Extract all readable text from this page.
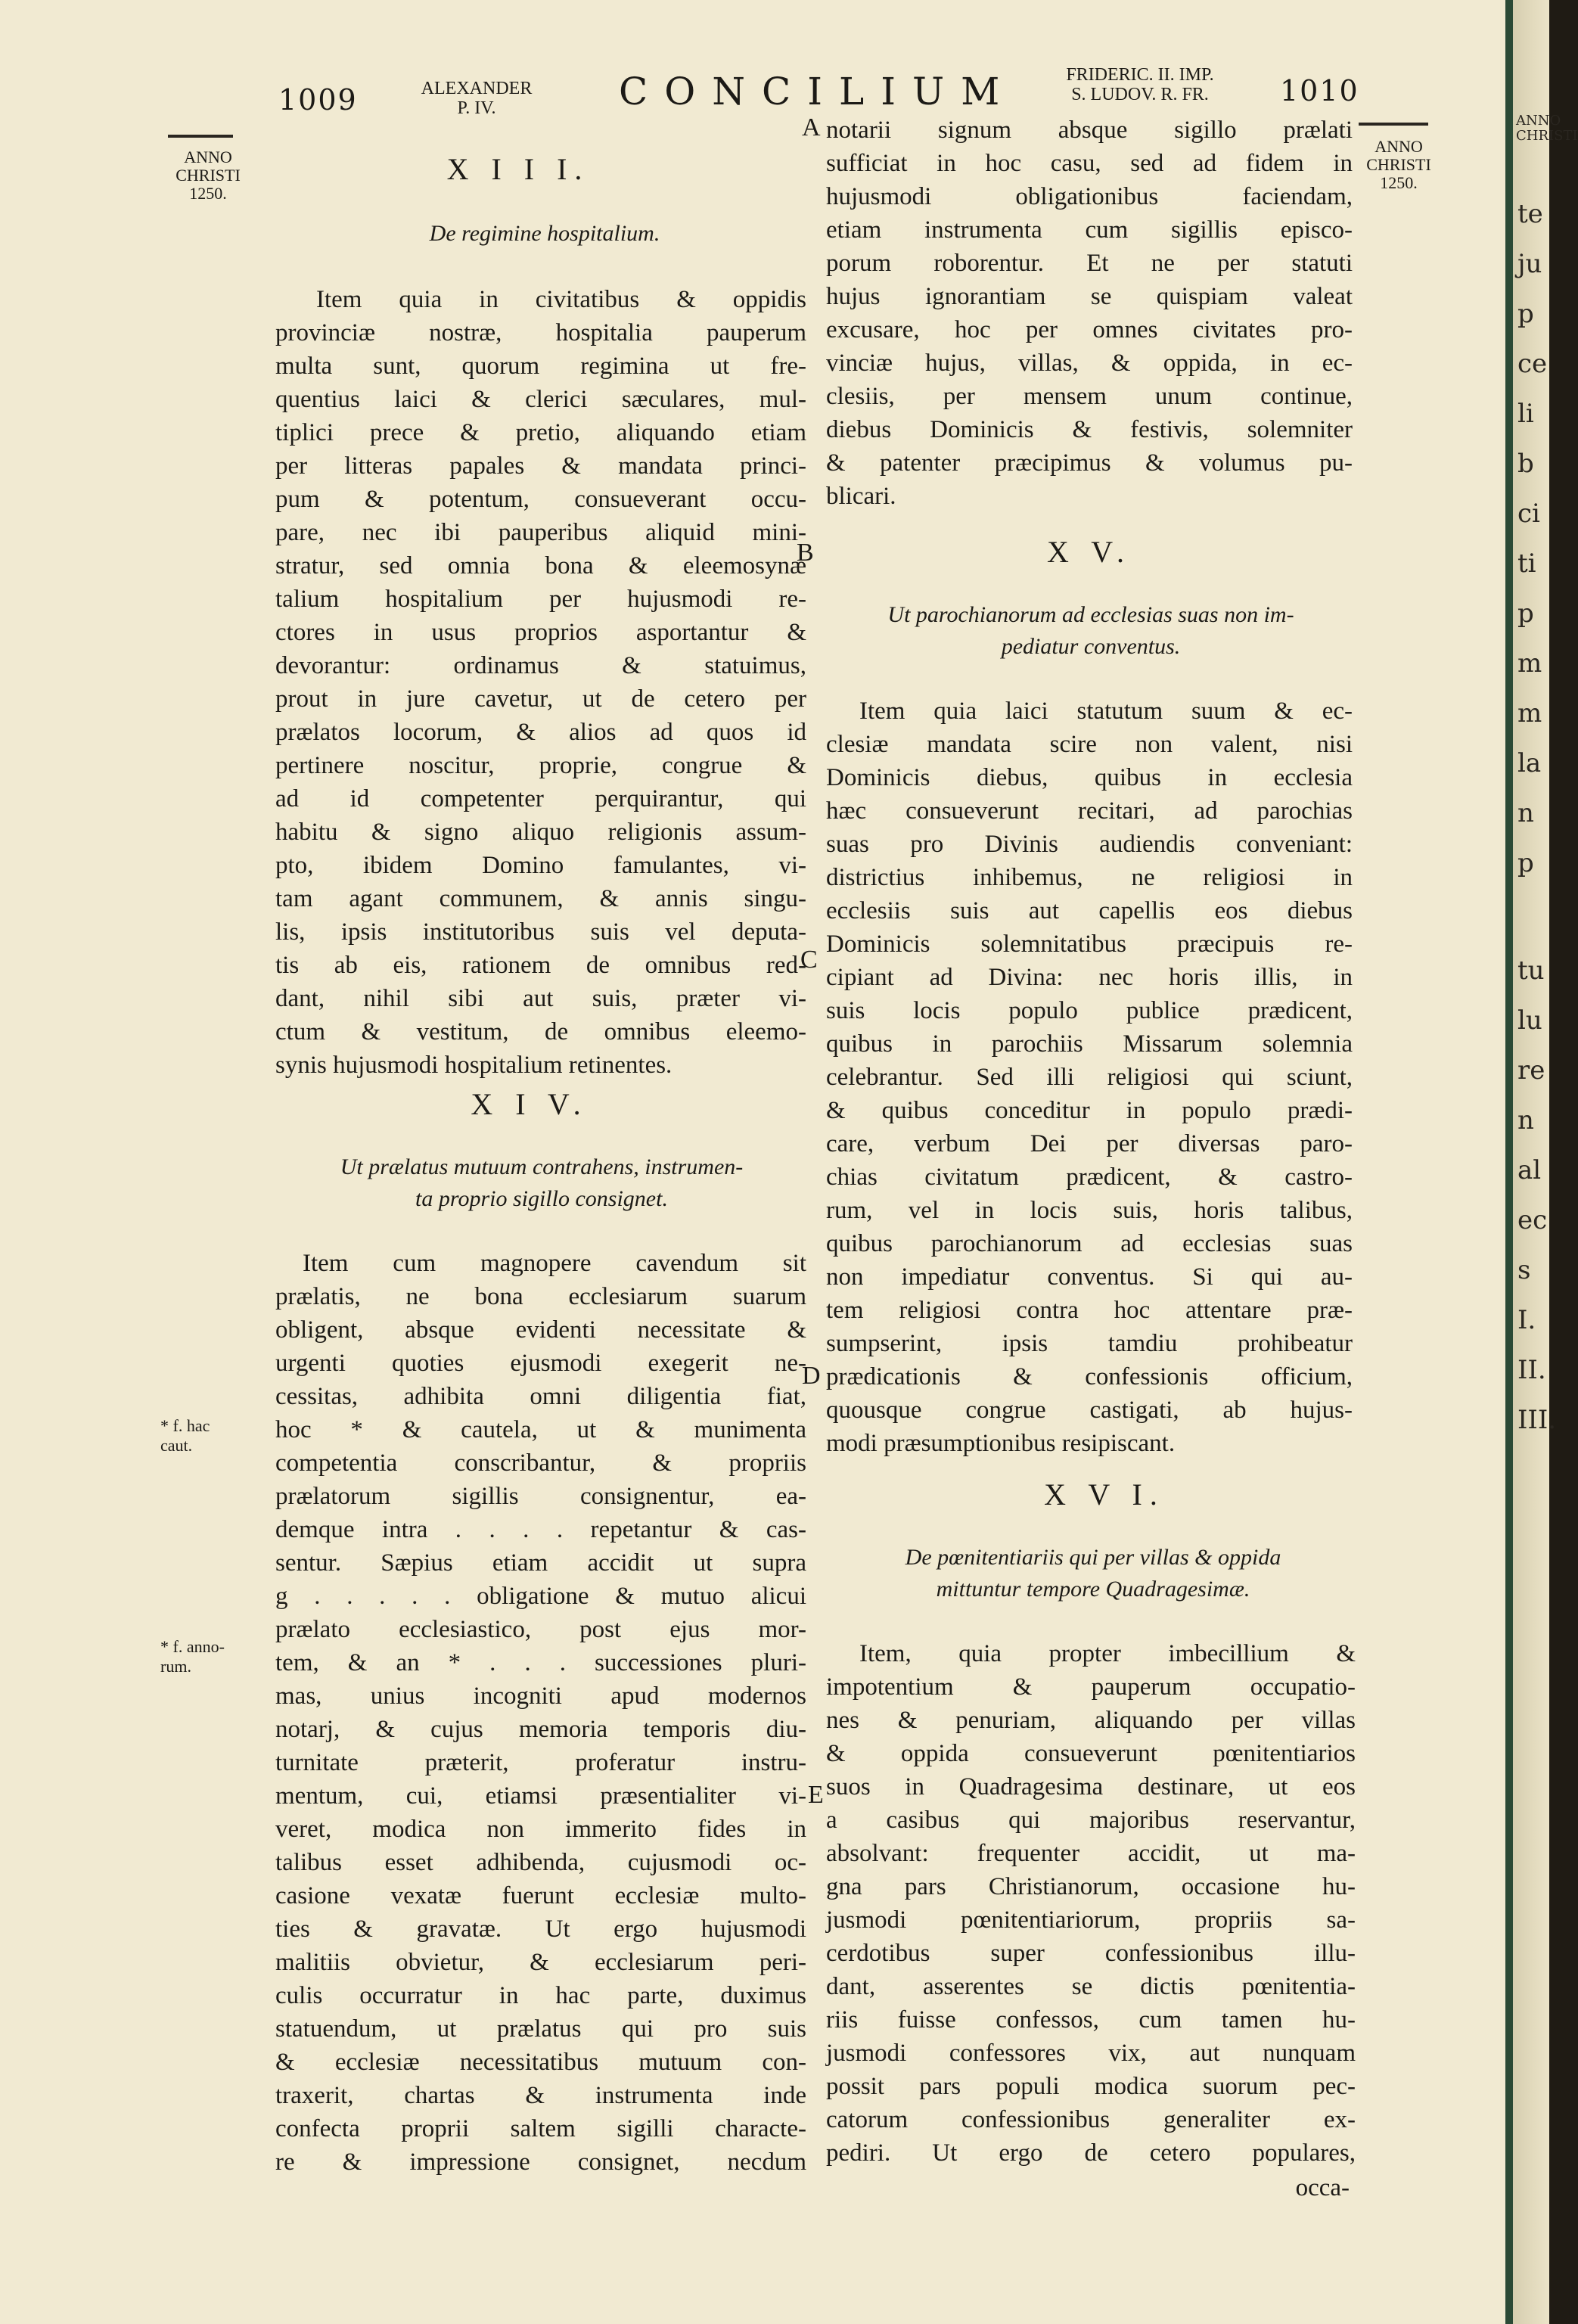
1009	ALEXANDER
P. IV.	CONCILIUM	FRIDERIC. II. IMP.
S. LUDOV. R. FR.	1010
ANNO
CHRISTI
1250.
ANNO
CHRISTI
1250.
* f. hac
caut.
* f. anno-
rum.
A
B
C
D
E
X I I I.
De regimine hospitalium.
Item quia in civitatibus & oppidis
provinciæ nostræ, hospitalia pauperum
multa sunt, quorum regimina ut fre-
quentius laici & clerici sæculares, mul-
tiplici prece & pretio, aliquando etiam
per litteras papales & mandata princi-
pum & potentum, consueverant occu-
pare, nec ibi pauperibus aliquid mini-
stratur, sed omnia bona & eleemosynæ
talium hospitalium per hujusmodi re-
ctores in usus proprios asportantur &
devorantur: ordinamus & statuimus,
prout in jure cavetur, ut de cetero per
prælatos locorum, & alios ad quos id
pertinere noscitur, proprie, congrue &
ad id competenter perquirantur, qui
habitu & signo aliquo religionis assum-
pto, ibidem Domino famulantes, vi-
tam agant communem, & annis singu-
lis, ipsis institutoribus suis vel deputa-
tis ab eis, rationem de omnibus red-
dant, nihil sibi aut suis, præter vi-
ctum & vestitum, de omnibus eleemo-
synis hujusmodi hospitalium retinentes.
X I V.
Ut prælatus mutuum contrahens, instrumen-
ta proprio sigillo consignet.
Item cum magnopere cavendum sit
prælatis, ne bona ecclesiarum suarum
obligent, absque evidenti necessitate &
urgenti quoties ejusmodi exegerit ne-
cessitas, adhibita omni diligentia fiat,
hoc * & cautela, ut & munimenta
competentia conscribantur, & propriis
prælatorum sigillis consignentur, ea-
demque intra . . . . repetantur & cas-
sentur. Sæpius etiam accidit ut supra
g . . . . . obligatione & mutuo alicui
prælato ecclesiastico, post ejus mor-
tem, & an * . . . successiones pluri-
mas, unius incogniti apud modernos
notarj, & cujus memoria temporis diu-
turnitate præterit, proferatur instru-
mentum, cui, etiamsi præsentialiter vi-
veret, modica non immerito fides in
talibus esset adhibenda, cujusmodi oc-
casione vexatæ fuerunt ecclesiæ multo-
ties & gravatæ. Ut ergo hujusmodi
malitiis obvietur, & ecclesiarum peri-
culis occurratur in hac parte, duximus
statuendum, ut prælatus qui pro suis
& ecclesiæ necessitatibus mutuum con-
traxerit, chartas & instrumenta inde
confecta proprii saltem sigilli characte-
re & impressione consignet, necdum
notarii signum absque sigillo prælati
sufficiat in hoc casu, sed ad fidem in
hujusmodi obligationibus faciendam,
etiam instrumenta cum sigillis episco-
porum roborentur. Et ne per statuti
hujus ignorantiam se quispiam valeat
excusare, hoc per omnes civitates pro-
vinciæ hujus, villas, & oppida, in ec-
clesiis, per mensem unum continue,
diebus Dominicis & festivis, solemniter
& patenter præcipimus & volumus pu-
blicari.
X V.
Ut parochianorum ad ecclesias suas non im-
pediatur conventus.
Item quia laici statutum suum & ec-
clesiæ mandata scire non valent, nisi
Dominicis diebus, quibus in ecclesia
hæc consueverunt recitari, ad parochias
suas pro Divinis audiendis conveniant:
districtius inhibemus, ne religiosi in
ecclesiis suis aut capellis eos diebus
Dominicis solemnitatibus præcipuis re-
cipiant ad Divina: nec horis illis, in
suis locis populo publice prædicent,
quibus in parochiis Missarum solemnia
celebrantur. Sed illi religiosi qui sciunt,
& quibus conceditur in populo prædi-
care, verbum Dei per diversas paro-
chias civitatum prædicent, & castro-
rum, vel in locis suis, horis talibus,
quibus parochianorum ad ecclesias suas
non impediatur conventus. Si qui au-
tem religiosi contra hoc attentare præ-
sumpserint, ipsis tamdiu prohibeatur
prædicationis & confessionis officium,
quousque congrue castigati, ab hujus-
modi præsumptionibus resipiscant.
X V I.
De pœnitentiariis qui per villas & oppida
mittuntur tempore Quadragesimæ.
Item, quia propter imbecillium &
impotentium & pauperum occupatio-
nes & penuriam, aliquando per villas
& oppida consueverunt pœnitentiarios
suos in Quadragesima destinare, ut eos
a casibus qui majoribus reservantur,
absolvant: frequenter accidit, ut ma-
gna pars Christianorum, occasione hu-
jusmodi pœnitentiariorum, propriis sa-
cerdotibus super confessionibus illu-
dant, asserentes se dictis pœnitentia-
riis fuisse confessos, cum tamen hu-
jusmodi confessores vix, aut nunquam
possit pars populi modica suorum pec-
catorum confessionibus generaliter ex-
pediri. Ut ergo de cetero populares,
occa-
ANNO
CHRISTI
te
ju
p
ce
li
b
ci
ti
p
m
m
la
n
p
tu
lu
re
n
al
ec
s
I.
II.
III.
